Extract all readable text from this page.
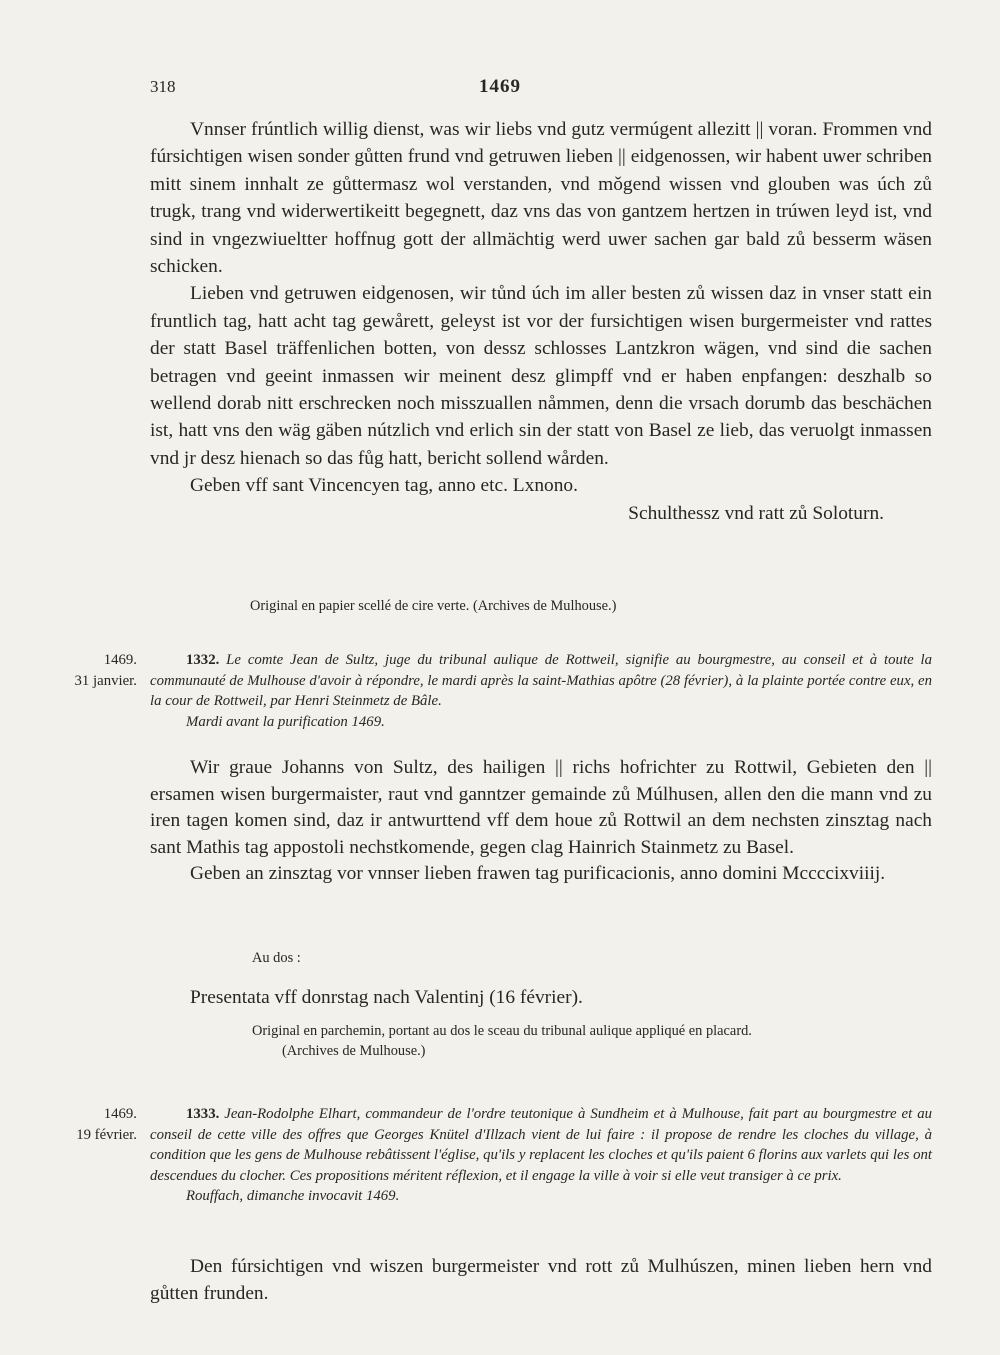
318	1469

Vnnser frúntlich willig dienst, was wir liebs vnd gutz vermúgent allezitt || voran. Frommen vnd fúrsichtigen wisen sonder gůtten frund vnd getruwen lieben || eidgenossen, wir habent uwer schriben mitt sinem innhalt ze gůttermasz wol verstanden, vnd mǒgend wissen vnd glouben was úch zů trugk, trang vnd widerwertikeitt begegnett, daz vns das von gantzem hertzen in trúwen leyd ist, vnd sind in vngezwiueltter hoffnug gott der allmächtig werd uwer sachen gar bald zů besserm wäsen schicken.

Lieben vnd getruwen eidgenosen, wir tůnd úch im aller besten zů wissen daz in vnser statt ein fruntlich tag, hatt acht tag gewårett, geleyst ist vor der fursichtigen wisen burgermeister vnd rattes der statt Basel träffenlichen botten, von dessz schlosses Lantzkron wägen, vnd sind die sachen betragen vnd geeint inmassen wir meinent desz glimpff vnd er haben enpfangen: deszhalb so wellend dorab nitt erschrecken noch misszuallen nåmmen, denn die vrsach dorumb das beschächen ist, hatt vns den wäg gäben nútzlich vnd erlich sin der statt von Basel ze lieb, das veruolgt inmassen vnd jr desz hienach so das fůg hatt, bericht sollend wården.

Geben vff sant Vincencyen tag, anno etc. Lxnono.

Schulthessz vnd ratt zů Soloturn.

Original en papier scellé de cire verte. (Archives de Mulhouse.)

1469.
31 janvier.

1332. Le comte Jean de Sultz, juge du tribunal aulique de Rottweil, signifie au bourgmestre, au conseil et à toute la communauté de Mulhouse d'avoir à répondre, le mardi après la saint-Mathias apôtre (28 février), à la plainte portée contre eux, en la cour de Rottweil, par Henri Steinmetz de Bâle.

Mardi avant la purification 1469.

Wir graue Johanns von Sultz, des hailigen || richs hofrichter zu Rottwil, Gebieten den || ersamen wisen burgermaister, raut vnd ganntzer gemainde zů Múlhusen, allen den die mann vnd zu iren tagen komen sind, daz ir antwurttend vff dem houe zů Rottwil an dem nechsten zinsztag nach sant Mathis tag appostoli nechstkomende, gegen clag Hainrich Stainmetz zu Basel.

Geben an zinsztag vor vnnser lieben frawen tag purificacionis, anno domini Mccccixviiij.

Au dos :

Presentata vff donrstag nach Valentinj (16 février).

Original en parchemin, portant au dos le sceau du tribunal aulique appliqué en placard.

(Archives de Mulhouse.)

1469.
19 février.

1333. Jean-Rodolphe Elhart, commandeur de l'ordre teutonique à Sundheim et à Mulhouse, fait part au bourgmestre et au conseil de cette ville des offres que Georges Knütel d'Illzach vient de lui faire : il propose de rendre les cloches du village, à condition que les gens de Mulhouse rebâtissent l'église, qu'ils y replacent les cloches et qu'ils paient 6 florins aux varlets qui les ont descendues du clocher. Ces propositions méritent réflexion, et il engage la ville à voir si elle veut transiger à ce prix.

Rouffach, dimanche invocavit 1469.

Den fúrsichtigen vnd wiszen burgermeister vnd rott zů Mulhúszen, minen lieben hern vnd gůtten frunden.
